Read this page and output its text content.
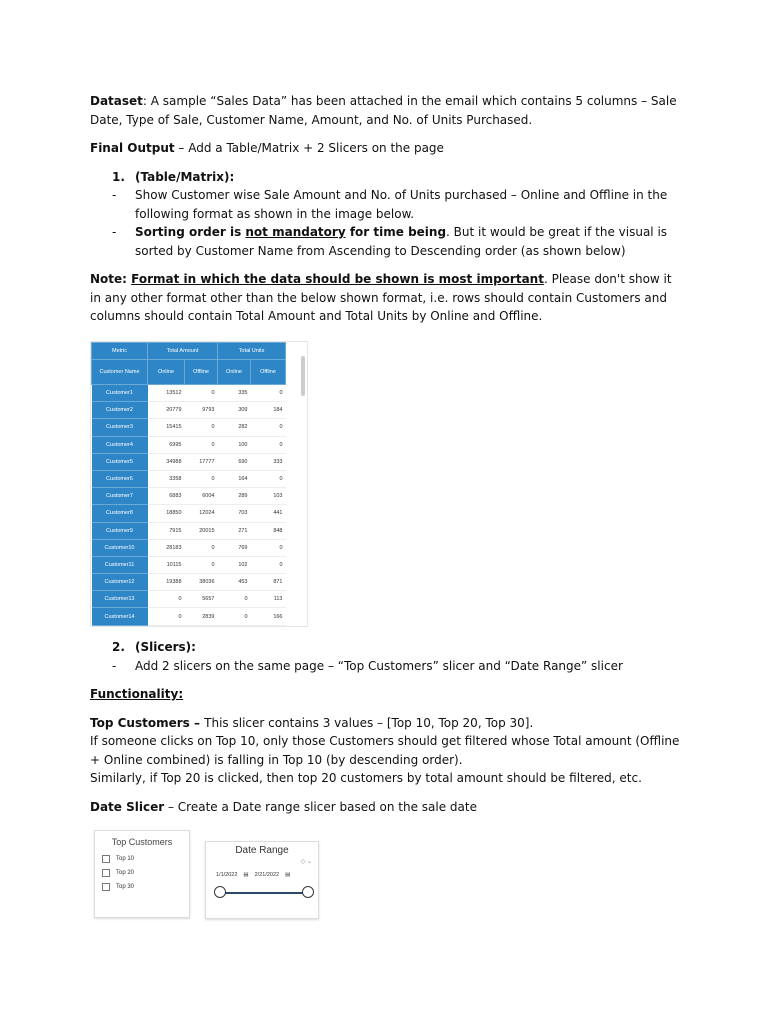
Dataset: A sample “Sales Data” has been attached in the email which contains 5 columns – Sale Date, Type of Sale, Customer Name, Amount, and No. of Units Purchased.

Final Output – Add a Table/Matrix + 2 Slicers on the page

1. (Table/Matrix):

- Show Customer wise Sale Amount and No. of Units purchased – Online and Offline in the following format as shown in the image below.

- Sorting order is not mandatory for time being. But it would be great if the visual is sorted by Customer Name from Ascending to Descending order (as shown below)

Note: Format in which the data should be shown is most important. Please don't show it in any other format other than the below shown format, i.e. rows should contain Customers and columns should contain Total Amount and Total Units by Online and Offline.

Metric	Total Amount		Total Units	
Customer Name	Online	Offline	Online	Offline
Customer1	13512	0	335	0
Customer2	20779	9793	309	184
Customer3	15415	0	282	0
Customer4	6995	0	100	0
Customer5	34988	17777	690	333
Customer6	3358	0	164	0
Customer7	6883	6004	289	103
Customer8	18850	12024	703	441
Customer9	7915	20015	271	848
Customer10	28183	0	769	0
Customer11	10115	0	102	0
Customer12	19388	38036	453	871
Customer13	0	5657	0	113
Customer14	0	2839	0	166

2. (Slicers):

- Add 2 slicers on the same page – “Top Customers” slicer and “Date Range” slicer

Functionality:

Top Customers – This slicer contains 3 values – [Top 10, Top 20, Top 30].

If someone clicks on Top 10, only those Customers should get filtered whose Total amount (Offline + Online combined) is falling in Top 10 (by descending order).

Similarly, if Top 20 is clicked, then top 20 customers by total amount should be filtered, etc.

Date Slicer – Create a Date range slicer based on the sale date

Top Customers
Top 10
Top 20
Top 30
Date Range
◇ ⌄
1/1/2022 ▤ 2/21/2022 ▤
